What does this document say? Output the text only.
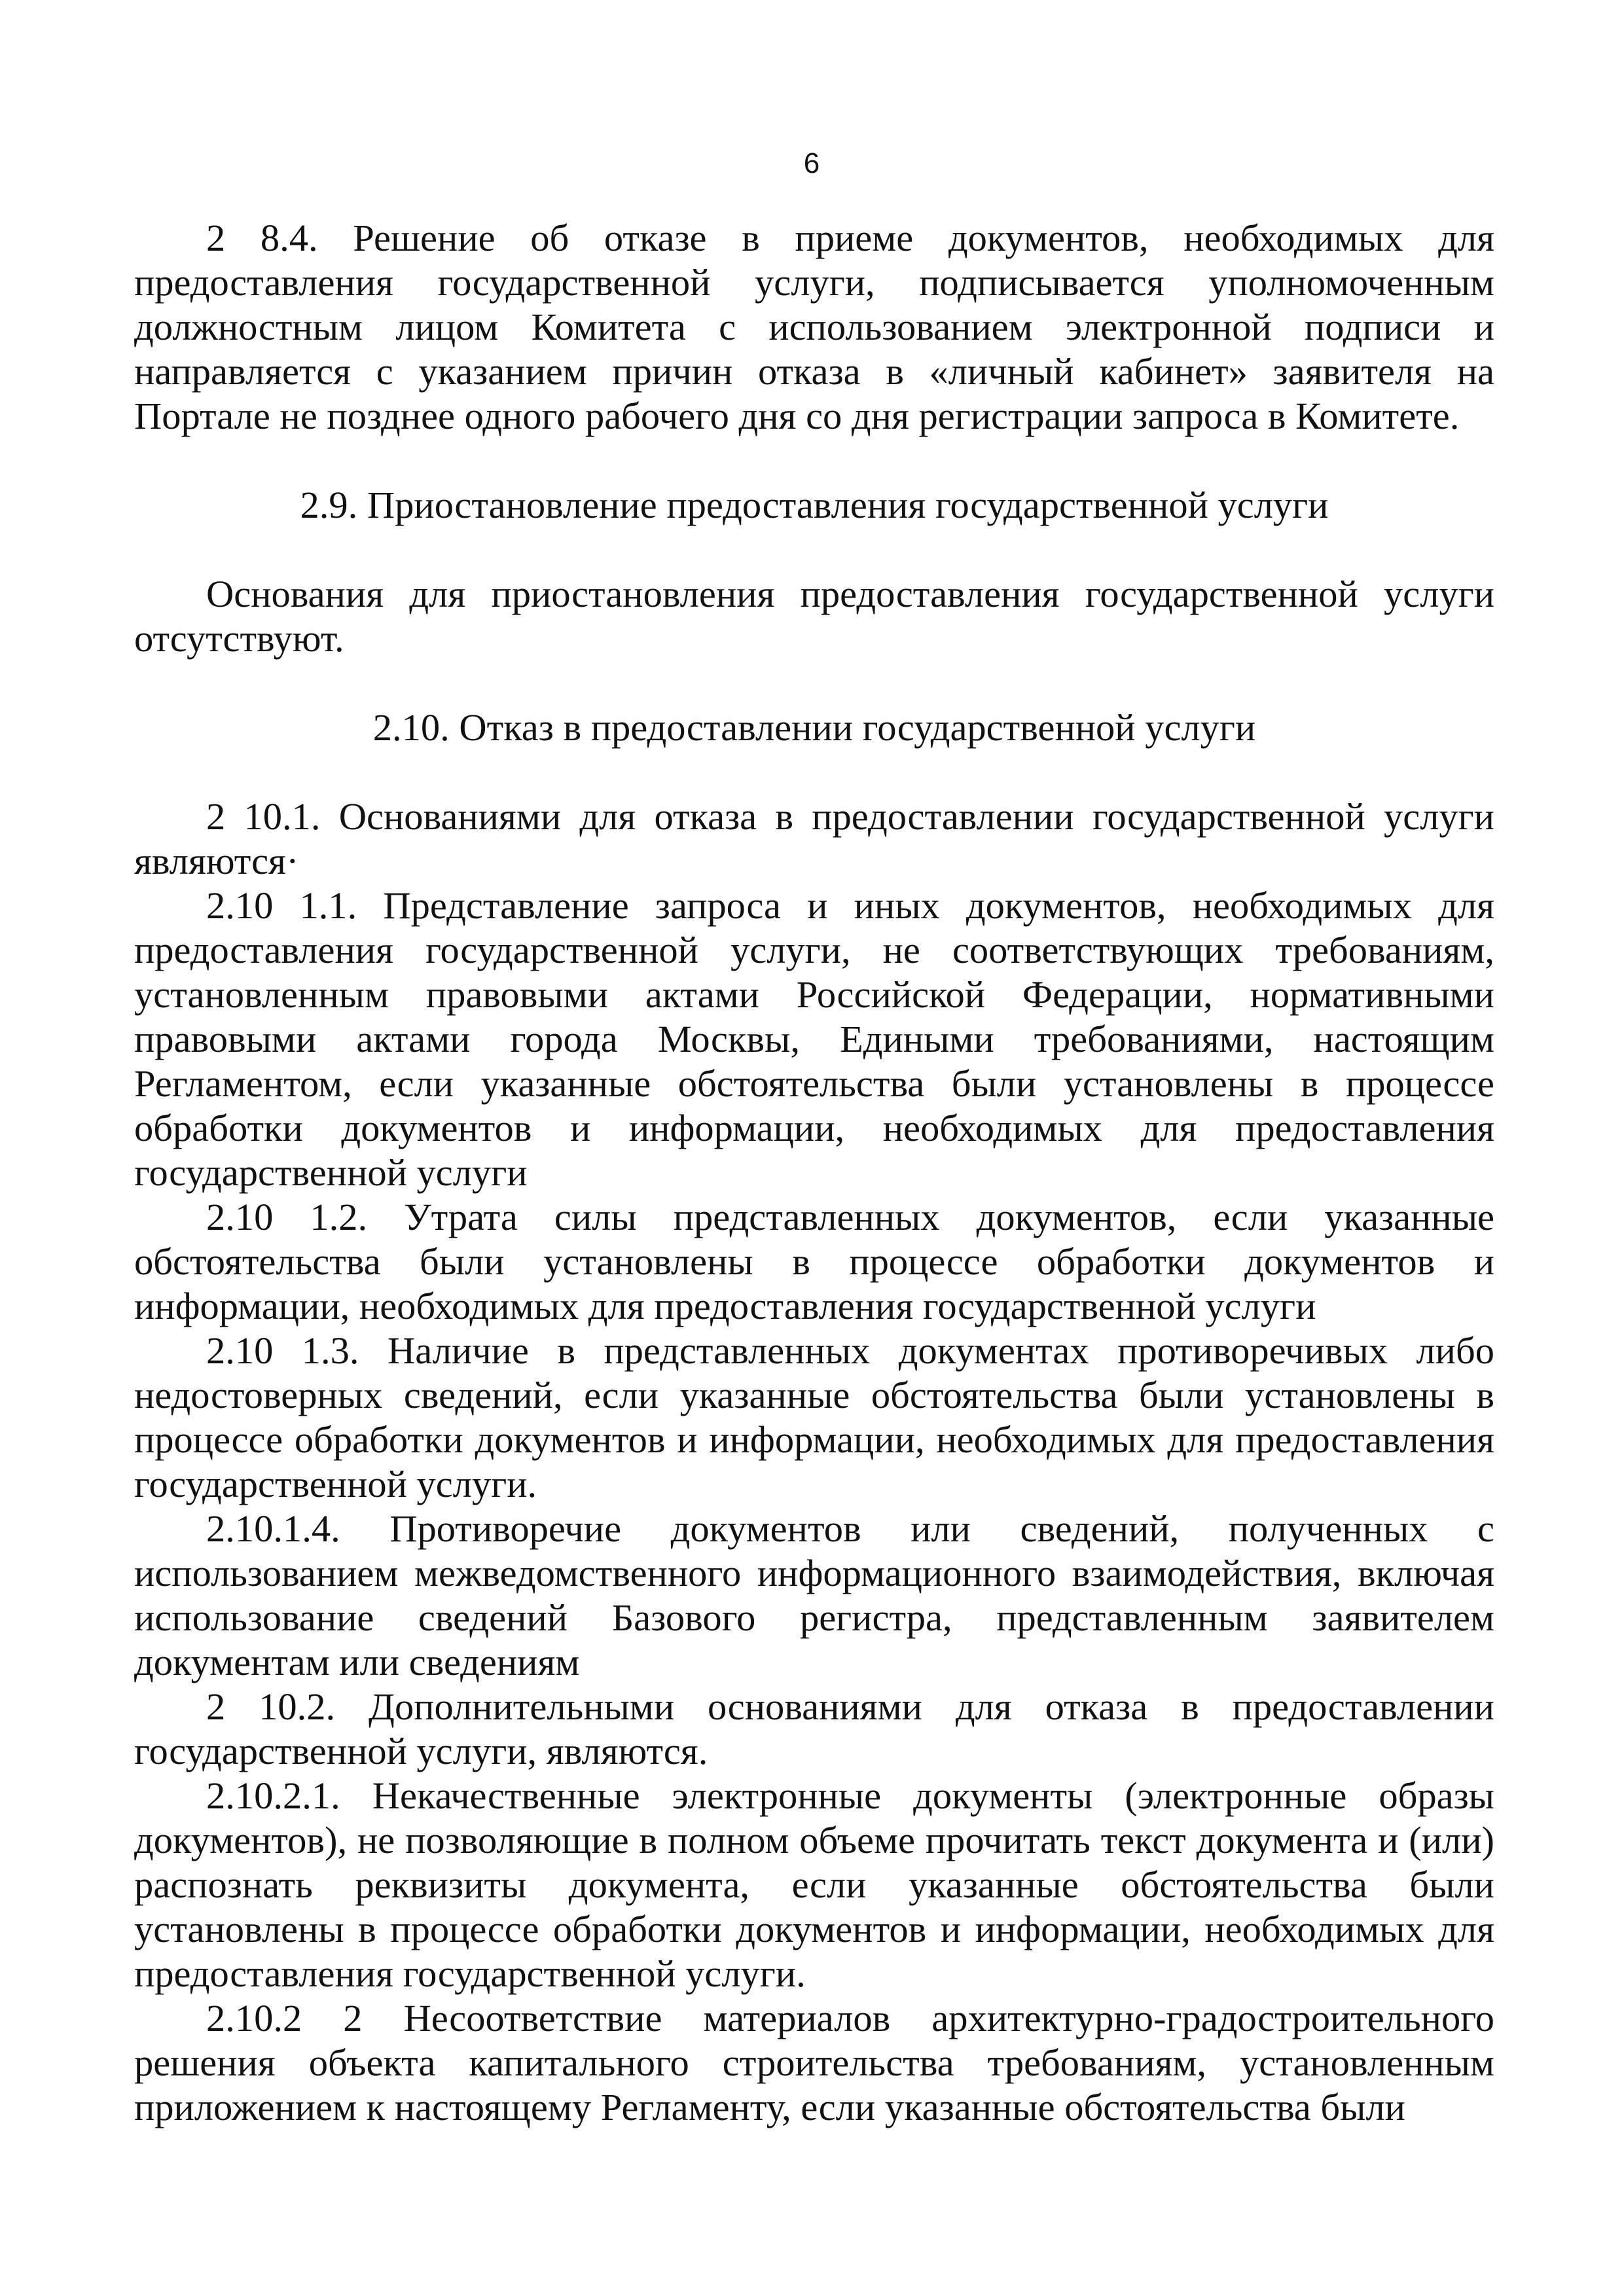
6

2 8.4. Решение об отказе в приеме документов, необходимых для предоставления государственной услуги, подписывается уполномоченным должностным лицом Комитета с использованием электронной подписи и направляется с указанием причин отказа в «личный кабинет» заявителя на Портале не позднее одного рабочего дня со дня регистрации запроса в Комитете.

2.9. Приостановление предоставления государственной услуги

Основания для приостановления предоставления государственной услуги отсутствуют.

2.10. Отказ в предоставлении государственной услуги

2 10.1. Основаниями для отказа в предоставлении государственной услуги являются·

2.10 1.1. Представление запроса и иных документов, необходимых для предоставления государственной услуги, не соответствующих требованиям, установленным правовыми актами Российской Федерации, нормативными правовыми актами города Москвы, Едиными требованиями, настоящим Регламентом, если указанные обстоятельства были установлены в процессе обработки документов и информации, необходимых для предоставления государственной услуги

2.10 1.2. Утрата силы представленных документов, если указанные обстоятельства были установлены в процессе обработки документов и информации, необходимых для предоставления государственной услуги

2.10 1.3. Наличие в представленных документах противоречивых либо недостоверных сведений, если указанные обстоятельства были установлены в процессе обработки документов и информации, необходимых для предоставления государственной услуги.

2.10.1.4. Противоречие документов или сведений, полученных с использованием межведомственного информационного взаимодействия, включая использование сведений Базового регистра, представленным заявителем документам или сведениям

2 10.2. Дополнительными основаниями для отказа в предоставлении государственной услуги, являются.

2.10.2.1. Некачественные электронные документы (электронные образы документов), не позволяющие в полном объеме прочитать текст документа и (или) распознать реквизиты документа, если указанные обстоятельства были установлены в процессе обработки документов и информации, необходимых для предоставления государственной услуги.

2.10.2 2 Несоответствие материалов архитектурно-градостроительного решения объекта капитального строительства требованиям, установленным приложением к настоящему Регламенту, если указанные обстоятельства были
